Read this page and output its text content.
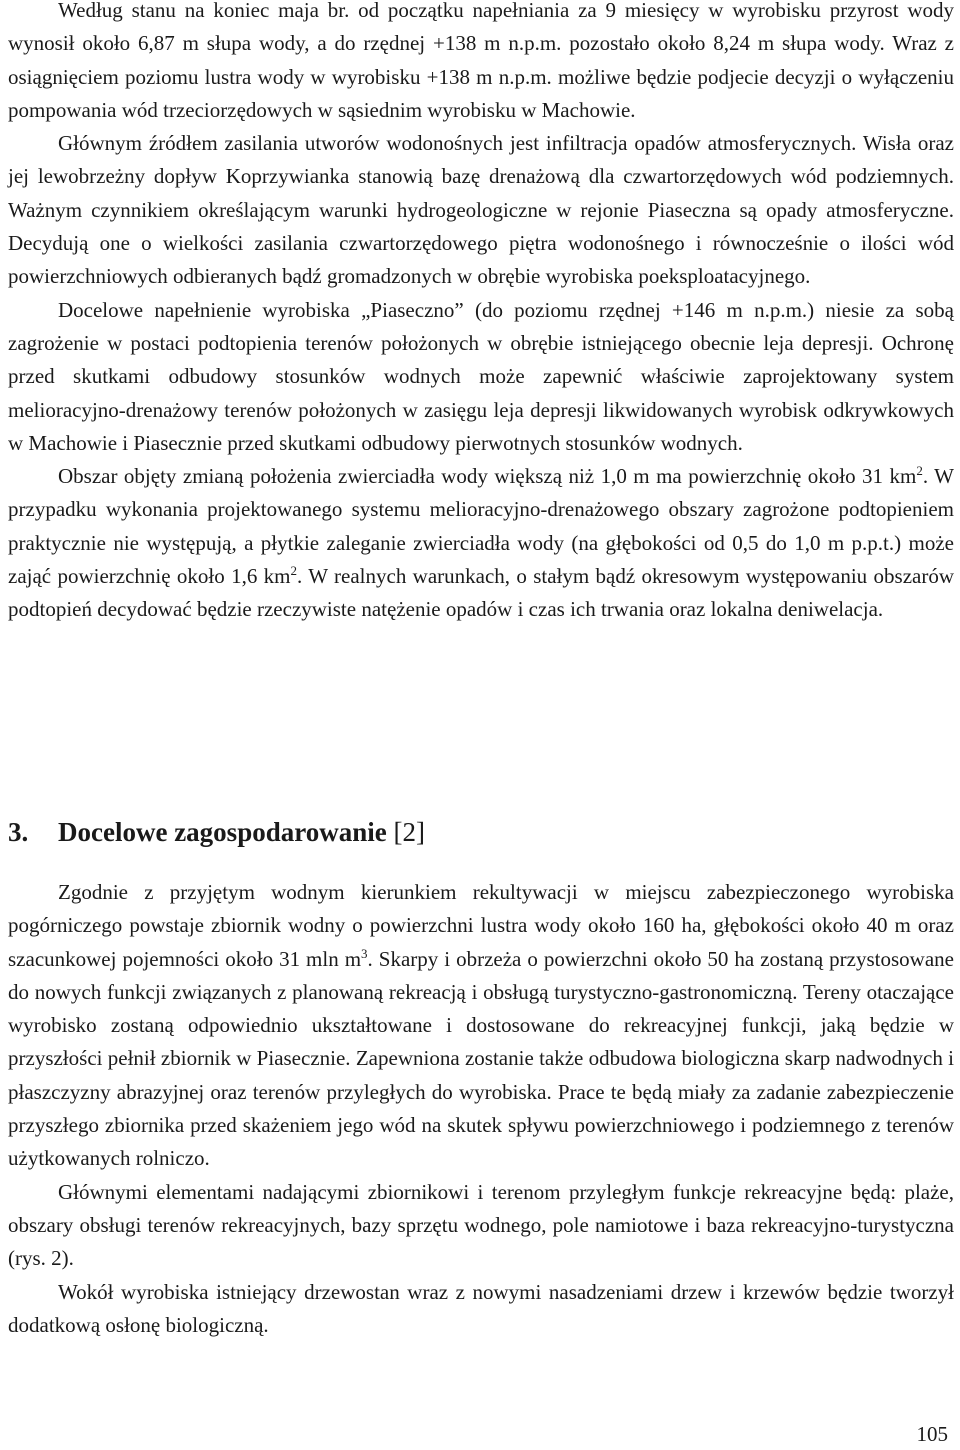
Według stanu na koniec maja br. od początku napełniania za 9 miesięcy w wyrobisku przyrost wody wynosił około 6,87 m słupa wody, a do rzędnej +138 m n.p.m. pozostało około 8,24 m słupa wody. Wraz z osiągnięciem poziomu lustra wody w wyrobisku +138 m n.p.m. możliwe będzie podjecie decyzji o wyłączeniu pompowania wód trzeciorzędowych w sąsiednim wyrobisku w Machowie.

Głównym źródłem zasilania utworów wodonośnych jest infiltracja opadów atmosferycznych. Wisła oraz jej lewobrzeżny dopływ Koprzywianka stanowią bazę drenażową dla czwartorzędowych wód podziemnych. Ważnym czynnikiem określającym warunki hydrogeologiczne w rejonie Piaseczna są opady atmosferyczne. Decydują one o wielkości zasilania czwartorzędowego piętra wodonośnego i równocześnie o ilości wód powierzchniowych odbieranych bądź gromadzonych w obrębie wyrobiska poeksploatacyjnego.

Docelowe napełnienie wyrobiska „Piaseczno” (do poziomu rzędnej +146 m n.p.m.) niesie za sobą zagrożenie w postaci podtopienia terenów położonych w obrębie istniejącego obecnie leja depresji. Ochronę przed skutkami odbudowy stosunków wodnych może zapewnić właściwie zaprojektowany system melioracyjno-drenażowy terenów położonych w zasięgu leja depresji likwidowanych wyrobisk odkrywkowych w Machowie i Piasecznie przed skutkami odbudowy pierwotnych stosunków wodnych.

Obszar objęty zmianą położenia zwierciadła wody większą niż 1,0 m ma powierzchnię około 31 $km^2$. W przypadku wykonania projektowanego systemu melioracyjno-drenażowego obszary zagrożone podtopieniem praktycznie nie występują, a płytkie zaleganie zwierciadła wody (na głębokości od 0,5 do 1,0 m p.p.t.) może zająć powierzchnię około 1,6 $km^2$. W realnych warunkach, o stałym bądź okresowym występowaniu obszarów podtopień decydować będzie rzeczywiste natężenie opadów i czas ich trwania oraz lokalna deniwelacja.

3. Docelowe zagospodarowanie [2]

Zgodnie z przyjętym wodnym kierunkiem rekultywacji w miejscu zabezpieczonego wyrobiska pogórniczego powstaje zbiornik wodny o powierzchni lustra wody około 160 ha, głębokości około 40 m oraz szacunkowej pojemności około 31 mln $m^3$. Skarpy i obrzeża o powierzchni około 50 ha zostaną przystosowane do nowych funkcji związanych z planowaną rekreacją i obsługą turystyczno-gastronomiczną. Tereny otaczające wyrobisko zostaną odpowiednio ukształtowane i dostosowane do rekreacyjnej funkcji, jaką będzie w przyszłości pełnił zbiornik w Piasecznie. Zapewniona zostanie także odbudowa biologiczna skarp nadwodnych i płaszczyzny abrazyjnej oraz terenów przyległych do wyrobiska. Prace te będą miały za zadanie zabezpieczenie przyszłego zbiornika przed skażeniem jego wód na skutek spływu powierzchniowego i podziemnego z terenów użytkowanych rolniczo.

Głównymi elementami nadającymi zbiornikowi i terenom przyległym funkcje rekreacyjne będą: plaże, obszary obsługi terenów rekreacyjnych, bazy sprzętu wodnego, pole namiotowe i baza rekreacyjno-turystyczna (rys. 2).

Wokół wyrobiska istniejący drzewostan wraz z nowymi nasadzeniami drzew i krzewów będzie tworzył dodatkową osłonę biologiczną.

105
